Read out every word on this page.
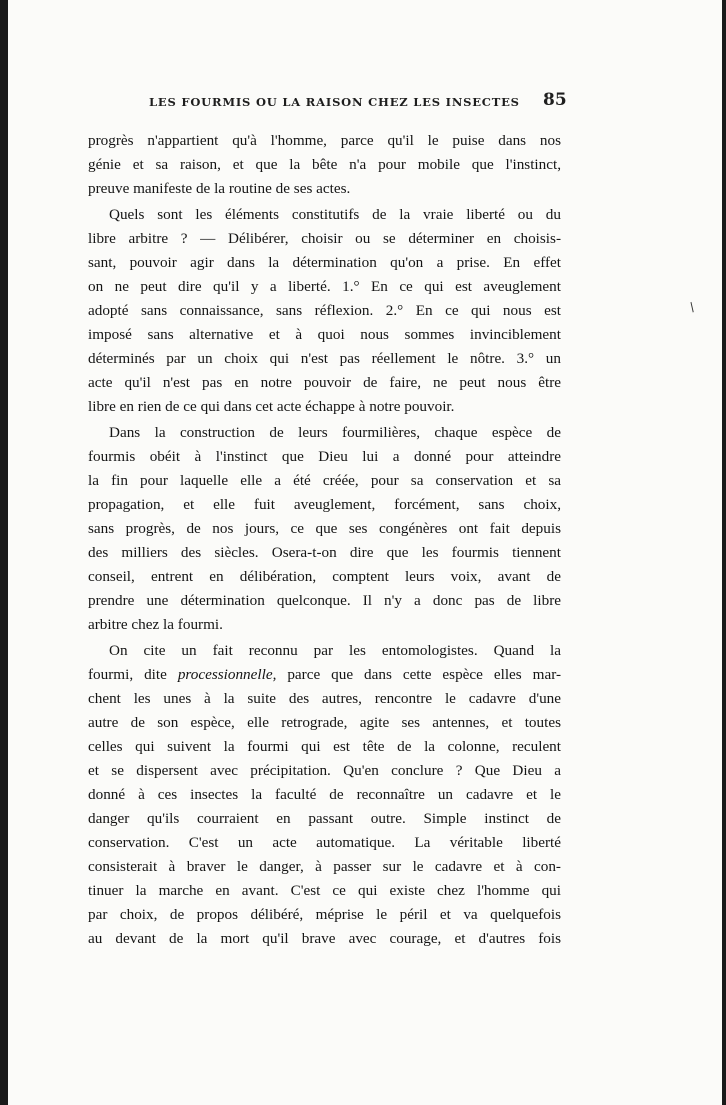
LES FOURMIS OU LA RAISON CHEZ LES INSECTES 85
/
progrès n'appartient qu'à l'homme, parce qu'il le puise dans nos
génie et sa raison, et que la bête n'a pour mobile que l'instinct,
preuve manifeste de la routine de ses actes.
Quels sont les éléments constitutifs de la vraie liberté ou du
libre arbitre ? — Délibérer, choisir ou se déterminer en choisis-
sant, pouvoir agir dans la détermination qu'on a prise. En effet
on ne peut dire qu'il y a liberté. 1.° En ce qui est aveuglement
adopté sans connaissance, sans réflexion. 2.° En ce qui nous est
imposé sans alternative et à quoi nous sommes invinciblement
déterminés par un choix qui n'est pas réellement le nôtre. 3.° un
acte qu'il n'est pas en notre pouvoir de faire, ne peut nous être
libre en rien de ce qui dans cet acte échappe à notre pouvoir.
Dans la construction de leurs fourmilières, chaque espèce de
fourmis obéit à l'instinct que Dieu lui a donné pour atteindre
la fin pour laquelle elle a été créée, pour sa conservation et sa
propagation, et elle fuit aveuglement, forcément, sans choix,
sans progrès, de nos jours, ce que ses congénères ont fait depuis
des milliers des siècles. Osera-t-on dire que les fourmis tiennent
conseil, entrent en délibération, comptent leurs voix, avant de
prendre une détermination quelconque. Il n'y a donc pas de libre
arbitre chez la fourmi.
On cite un fait reconnu par les entomologistes. Quand la
fourmi, dite processionnelle, parce que dans cette espèce elles mar-
chent les unes à la suite des autres, rencontre le cadavre d'une
autre de son espèce, elle retrograde, agite ses antennes, et toutes
celles qui suivent la fourmi qui est tête de la colonne, reculent
et se dispersent avec précipitation. Qu'en conclure ? Que Dieu a
donné à ces insectes la faculté de reconnaître un cadavre et le
danger qu'ils courraient en passant outre. Simple instinct de
conservation. C'est un acte automatique. La véritable liberté
consisterait à braver le danger, à passer sur le cadavre et à con-
tinuer la marche en avant. C'est ce qui existe chez l'homme qui
par choix, de propos délibéré, méprise le péril et va quelquefois
au devant de la mort qu'il brave avec courage, et d'autres fois
